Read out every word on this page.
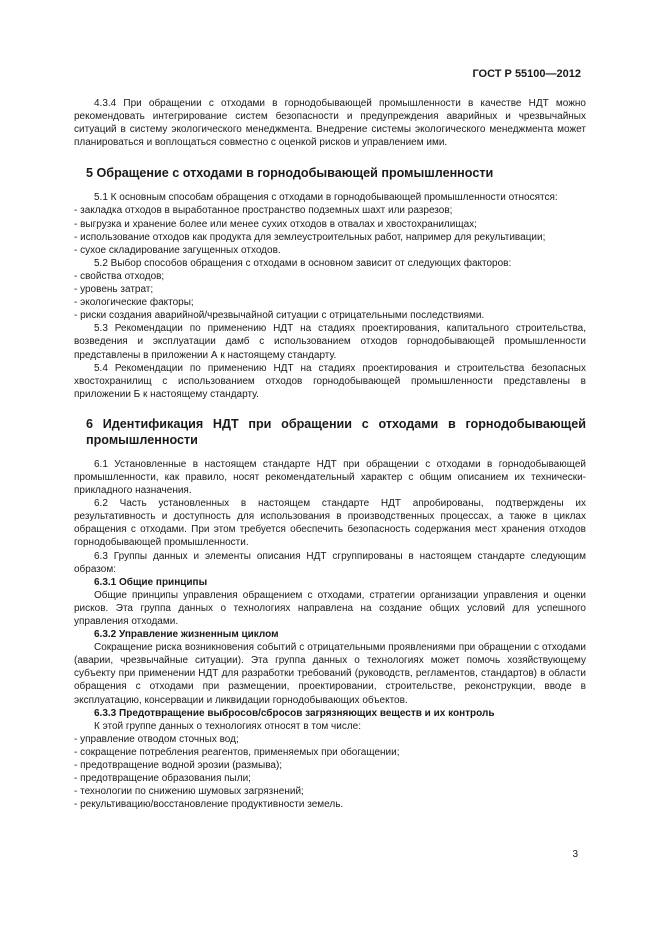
ГОСТ Р 55100—2012

4.3.4 При обращении с отходами в горнодобывающей промышленности в качестве НДТ можно рекомендовать интегрирование систем безопасности и предупреждения аварийных и чрезвычайных ситуаций в систему экологического менеджмента. Внедрение системы экологического менеджмента может планироваться и воплощаться совместно с оценкой рисков и управлением ими.

5 Обращение с отходами в горнодобывающей промышленности

5.1 К основным способам обращения с отходами в горнодобывающей промышленности относятся:

- закладка отходов в выработанное пространство подземных шахт или разрезов;

- выгрузка и хранение более или менее сухих отходов в отвалах и хвостохранилищах;

- использование отходов как продукта для землеустроительных работ, например для рекультивации;

- сухое складирование загущенных отходов.

5.2 Выбор способов обращения с отходами в основном зависит от следующих факторов:

- свойства отходов;

- уровень затрат;

- экологические факторы;

- риски создания аварийной/чрезвычайной ситуации с отрицательными последствиями.

5.3 Рекомендации по применению НДТ на стадиях проектирования, капитального строительства, возведения и эксплуатации дамб с использованием отходов горнодобывающей промышленности представлены в приложении А к настоящему стандарту.

5.4 Рекомендации по применению НДТ на стадиях проектирования и строительства безопасных хвостохранилищ с использованием отходов горнодобывающей промышленности представлены в приложении Б к настоящему стандарту.

6 Идентификация НДТ при обращении с отходами в горнодобывающей промышленности

6.1 Установленные в настоящем стандарте НДТ при обращении с отходами в горнодобывающей промышленности, как правило, носят рекомендательный характер с общим описанием их технически-прикладного назначения.

6.2 Часть установленных в настоящем стандарте НДТ апробированы, подтверждены их результативность и доступность для использования в производственных процессах, а также в циклах обращения с отходами. При этом требуется обеспечить безопасность содержания мест хранения отходов горнодобывающей промышленности.

6.3 Группы данных и элементы описания НДТ сгруппированы в настоящем стандарте следующим образом:

6.3.1 Общие принципы

Общие принципы управления обращением с отходами, стратегии организации управления и оценки рисков. Эта группа данных о технологиях направлена на создание общих условий для успешного управления отходами.

6.3.2 Управление жизненным циклом

Сокращение риска возникновения событий с отрицательными проявлениями при обращении с отходами (аварии, чрезвычайные ситуации). Эта группа данных о технологиях может помочь хозяйствующему субъекту при применении НДТ для разработки требований (руководств, регламентов, стандартов) в области обращения с отходами при размещении, проектировании, строительстве, реконструкции, вводе в эксплуатацию, консервации и ликвидации горнодобывающих объектов.

6.3.3 Предотвращение выбросов/сбросов загрязняющих веществ и их контроль

К этой группе данных о технологиях относят в том числе:

- управление отводом сточных вод;

- сокращение потребления реагентов, применяемых при обогащении;

- предотвращение водной эрозии (размыва);

- предотвращение образования пыли;

- технологии по снижению шумовых загрязнений;

- рекультивацию/восстановление продуктивности земель.

3
